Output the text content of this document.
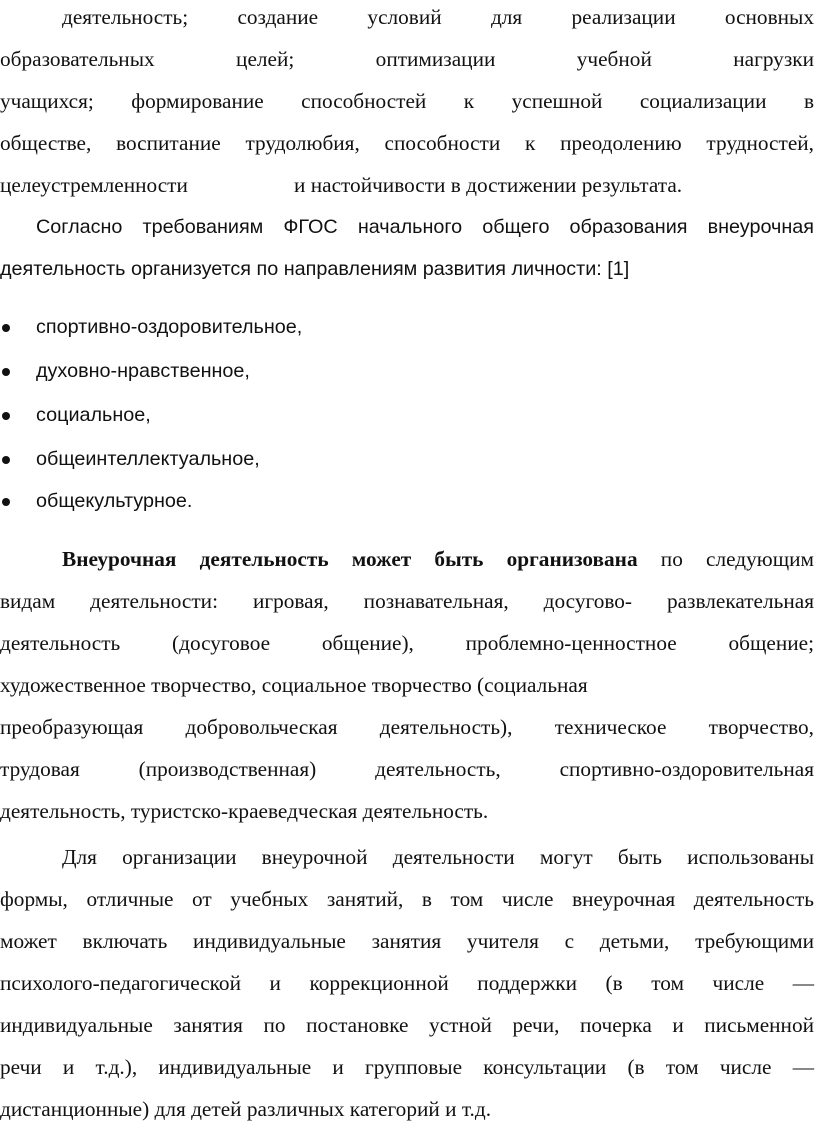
деятельность; создание условий для реализации основных
образовательных целей; оптимизации учебной нагрузки
учащихся; формирование способностей к успешной социализации в
обществе, воспитание трудолюбия, способности к преодолению трудностей,
целеустремленности	и настойчивости в достижении результата.
Согласно требованиям ФГОС начального общего образования внеурочная
деятельность организуется по направлениям развития личности: [1]
спортивно-оздоровительное,
духовно-нравственное,
социальное,
общеинтеллектуальное,
общекультурное.
Внеурочная деятельность может быть организована по следующим
видам деятельности: игровая, познавательная, досугово- развлекательная
деятельность (досуговое общение), проблемно-ценностное общение;
художественное творчество, социальное творчество (социальная
преобразующая добровольческая деятельность), техническое творчество,
трудовая (производственная) деятельность, спортивно-оздоровительная
деятельность, туристско-краеведческая деятельность.
Для организации внеурочной деятельности могут быть использованы
формы, отличные от учебных занятий, в том числе внеурочная деятельность
может включать индивидуальные занятия учителя с детьми, требующими
психолого-педагогической и коррекционной поддержки (в том числе —
индивидуальные занятия по постановке устной речи, почерка и письменной
речи и т.д.), индивидуальные и групповые консультации (в том числе —
дистанционные) для детей различных категорий и т.д.
